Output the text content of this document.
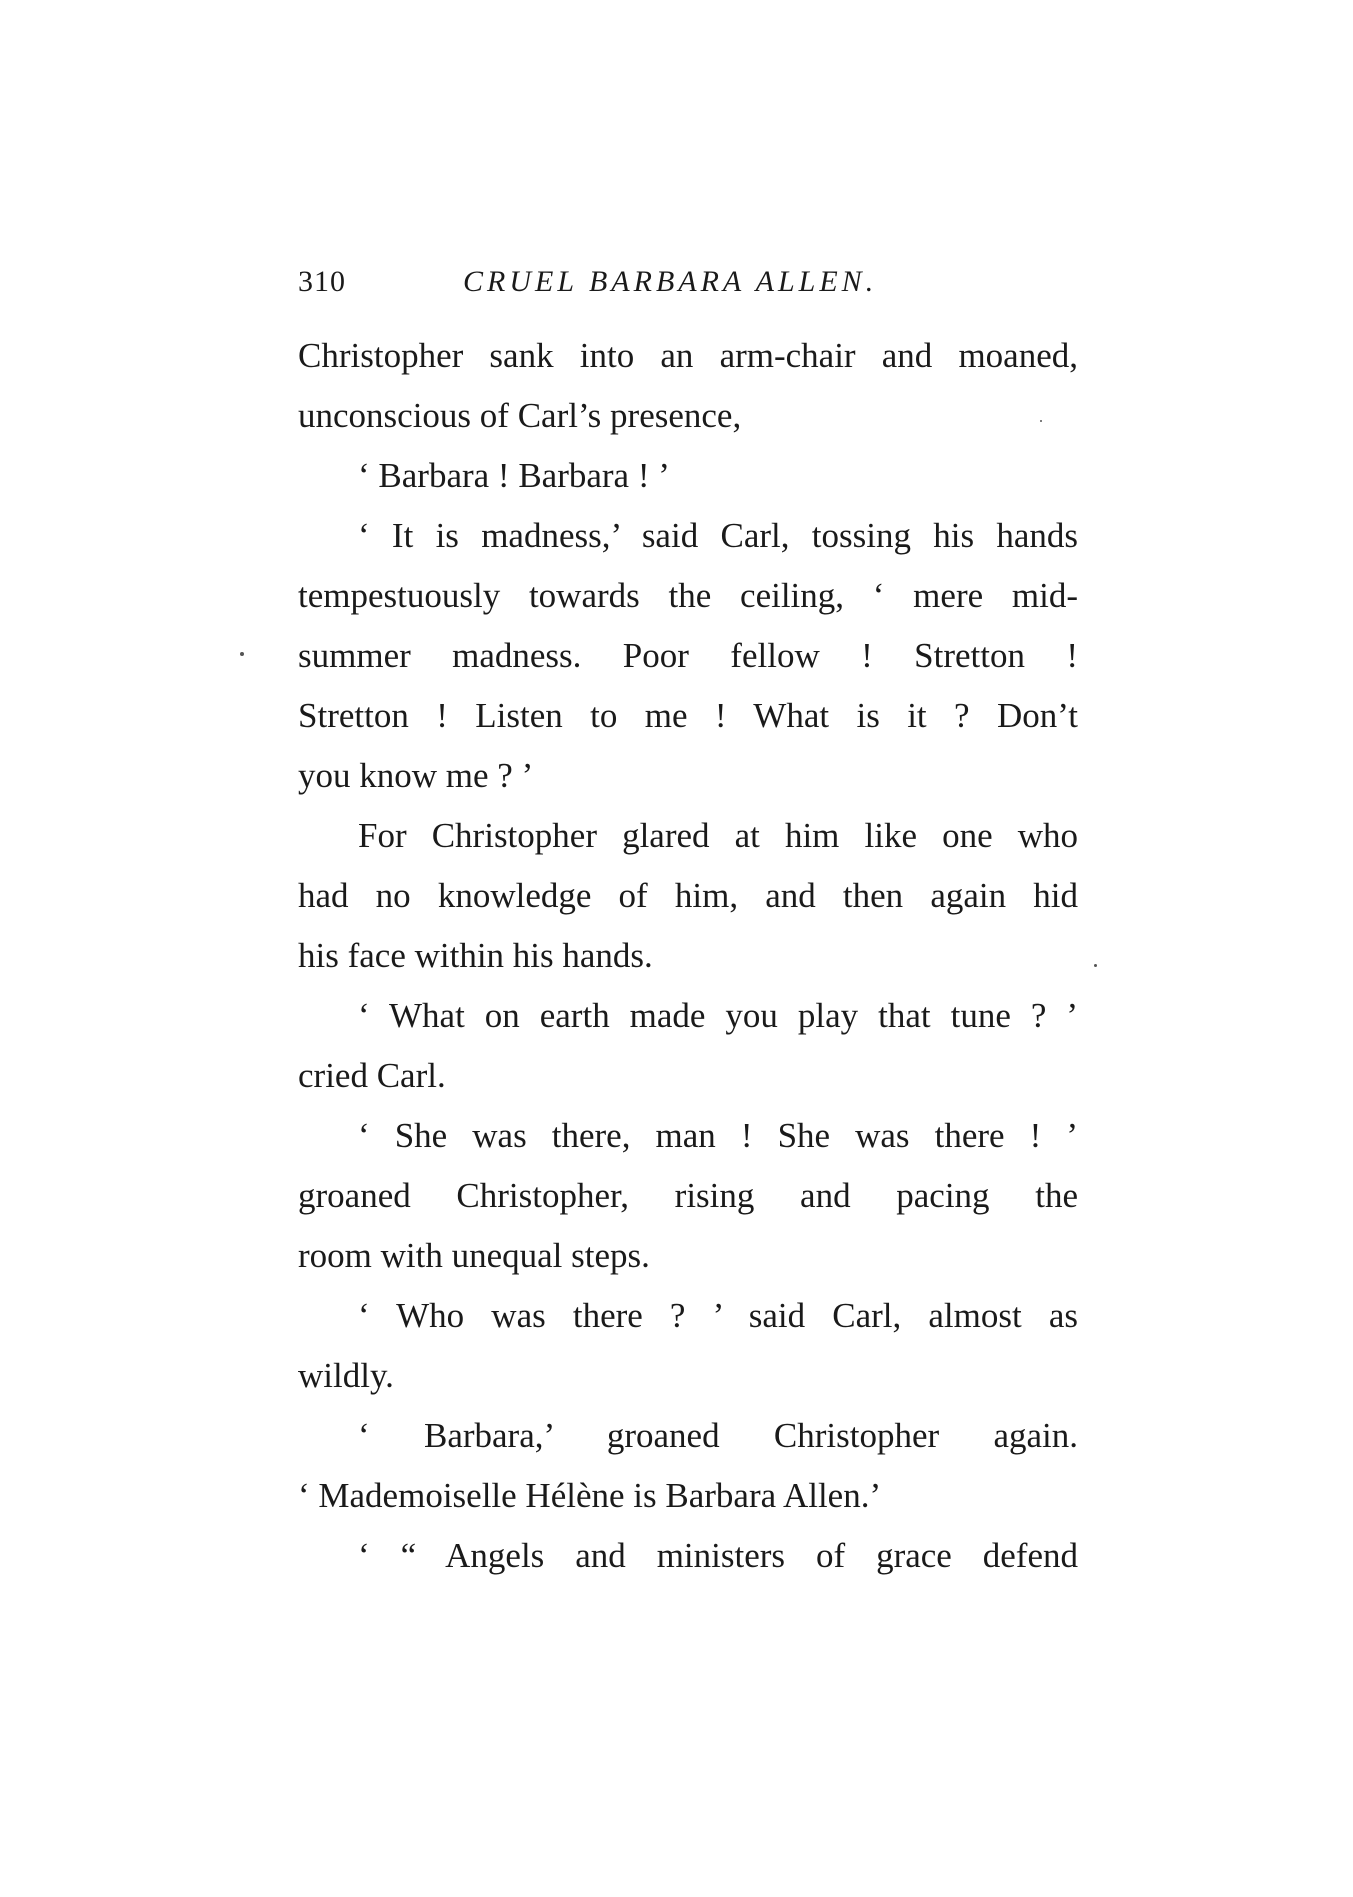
310	CRUEL BARBARA ALLEN.
Christopher sank into an arm-chair and moaned,
unconscious of Carl’s presence,
‘ Barbara ! Barbara ! ’
‘ It is madness,’ said Carl, tossing his hands
tempestuously towards the ceiling, ‘ mere mid-
summer madness. Poor fellow ! Stretton !
Stretton ! Listen to me ! What is it ? Don’t
you know me ? ’
For Christopher glared at him like one who
had no knowledge of him, and then again hid
his face within his hands.
‘ What on earth made you play that tune ? ’
cried Carl.
‘ She was there, man ! She was there ! ’
groaned Christopher, rising and pacing the
room with unequal steps.
‘ Who was there ? ’ said Carl, almost as
wildly.
‘ Barbara,’ groaned Christopher again.
‘ Mademoiselle Hélène is Barbara Allen.’
‘ “ Angels and ministers of grace defend
